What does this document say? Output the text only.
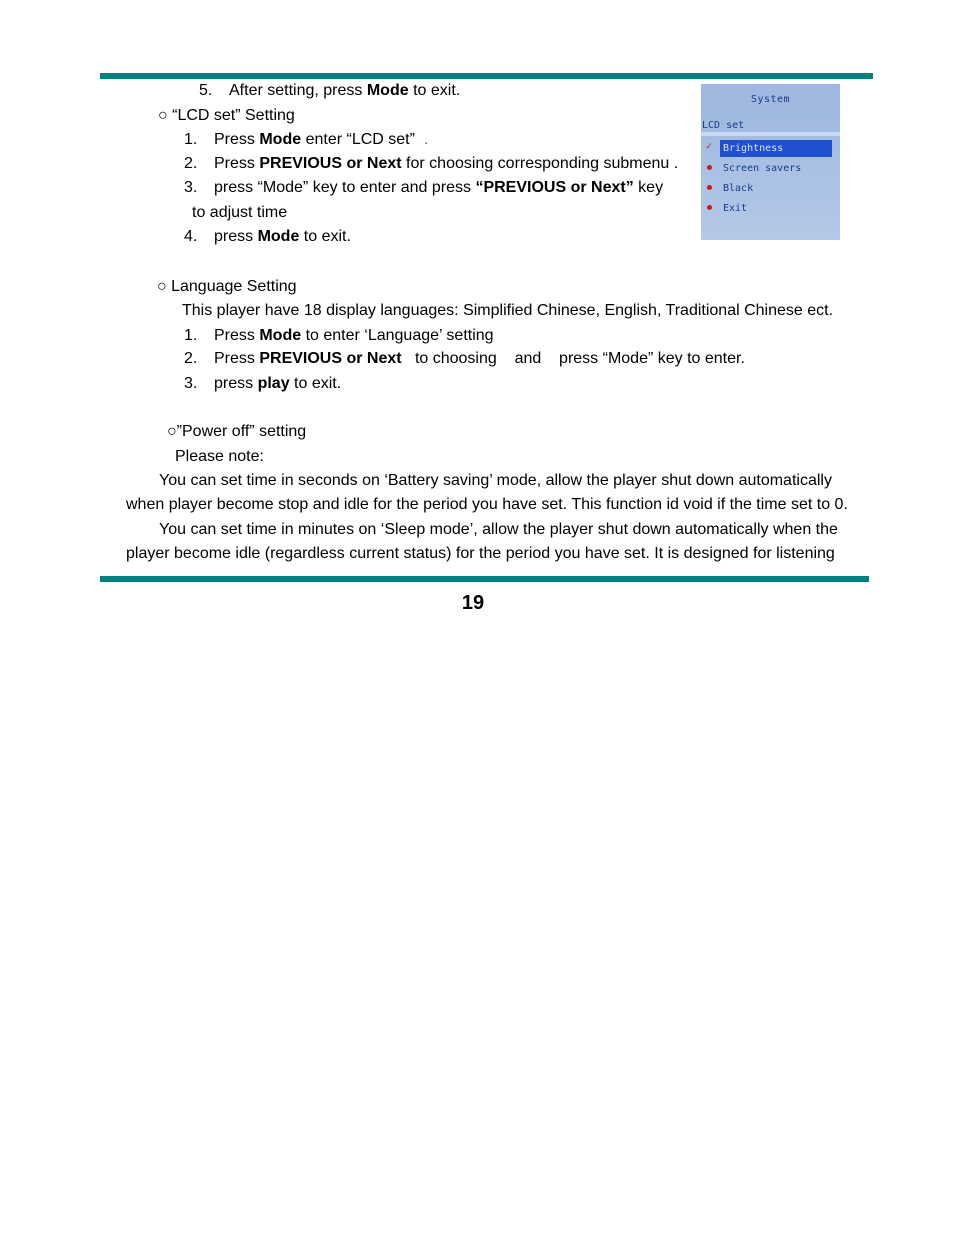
5. After setting, press Mode to exit.
○ “LCD set” Setting
1. Press Mode enter “LCD set” .
2. Press PREVIOUS or Next for choosing corresponding submenu .
3. press “Mode” key to enter and press “PREVIOUS or Next” key
to adjust time
4. press Mode to exit.
System
LCD set
✓ Brightness
Screen savers
Black
Exit
○ Language Setting
This player have 18 display languages: Simplified Chinese, English, Traditional Chinese ect.
1. Press Mode to enter ‘Language’ setting
2. Press PREVIOUS or Next   to choosing    and    press “Mode” key to enter.
3. press play to exit.
○”Power off” setting
Please note:
You can set time in seconds on ‘Battery saving’ mode, allow the player shut down automatically
when player become stop and idle for the period you have set. This function id void if the time set to 0.
You can set time in minutes on ‘Sleep mode’, allow the player shut down automatically when the
player become idle (regardless current status) for the period you have set. It is designed for listening
19
